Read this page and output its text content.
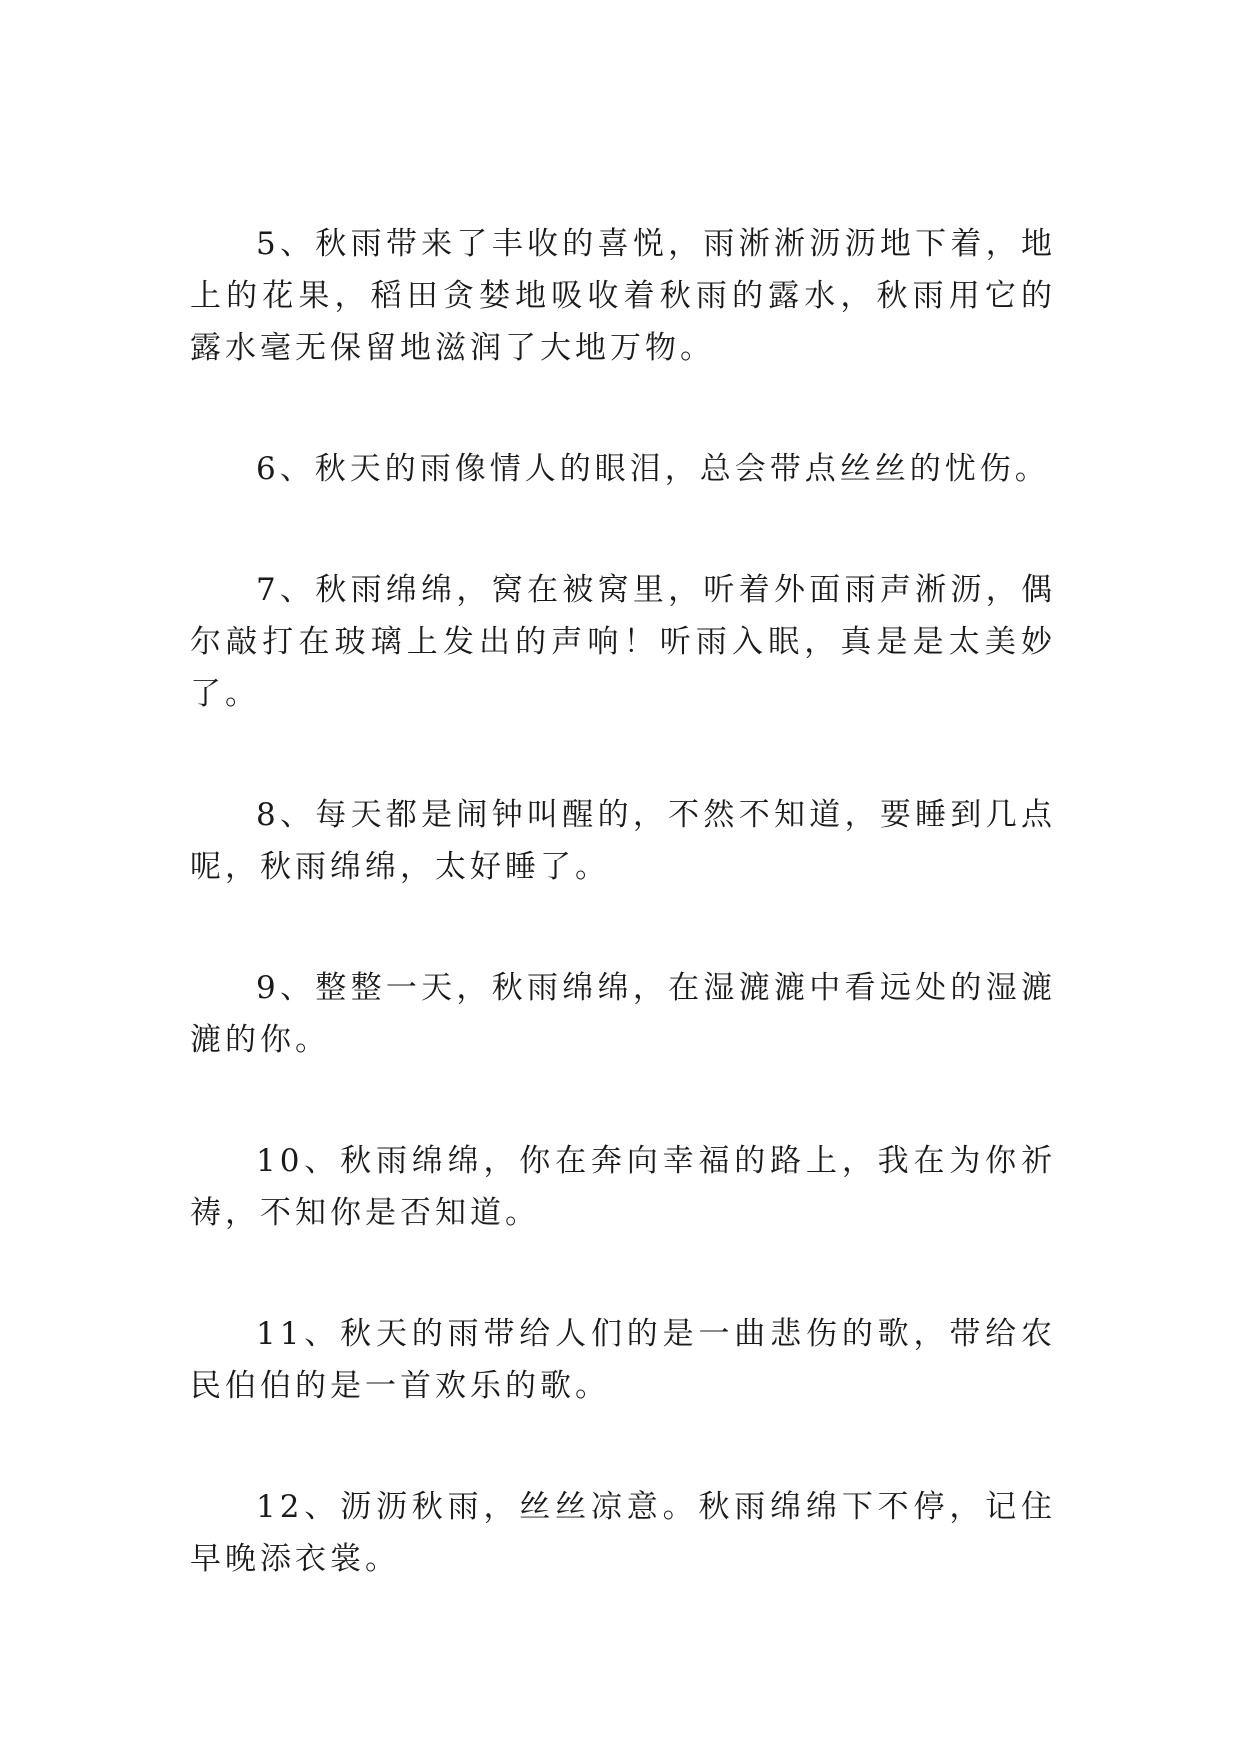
5、秋雨带来了丰收的喜悦，雨淅淅沥沥地下着，地上的花果，稻田贪婪地吸收着秋雨的露水，秋雨用它的露水毫无保留地滋润了大地万物。

6、秋天的雨像情人的眼泪，总会带点丝丝的忧伤。

7、秋雨绵绵，窝在被窝里，听着外面雨声淅沥，偶尔敲打在玻璃上发出的声响！听雨入眠，真是是太美妙了。

8、每天都是闹钟叫醒的，不然不知道，要睡到几点呢，秋雨绵绵，太好睡了。

9、整整一天，秋雨绵绵，在湿漉漉中看远处的湿漉漉的你。

10、秋雨绵绵，你在奔向幸福的路上，我在为你祈祷，不知你是否知道。

11、秋天的雨带给人们的是一曲悲伤的歌，带给农民伯伯的是一首欢乐的歌。

12、沥沥秋雨，丝丝凉意。秋雨绵绵下不停，记住早晚添衣裳。
